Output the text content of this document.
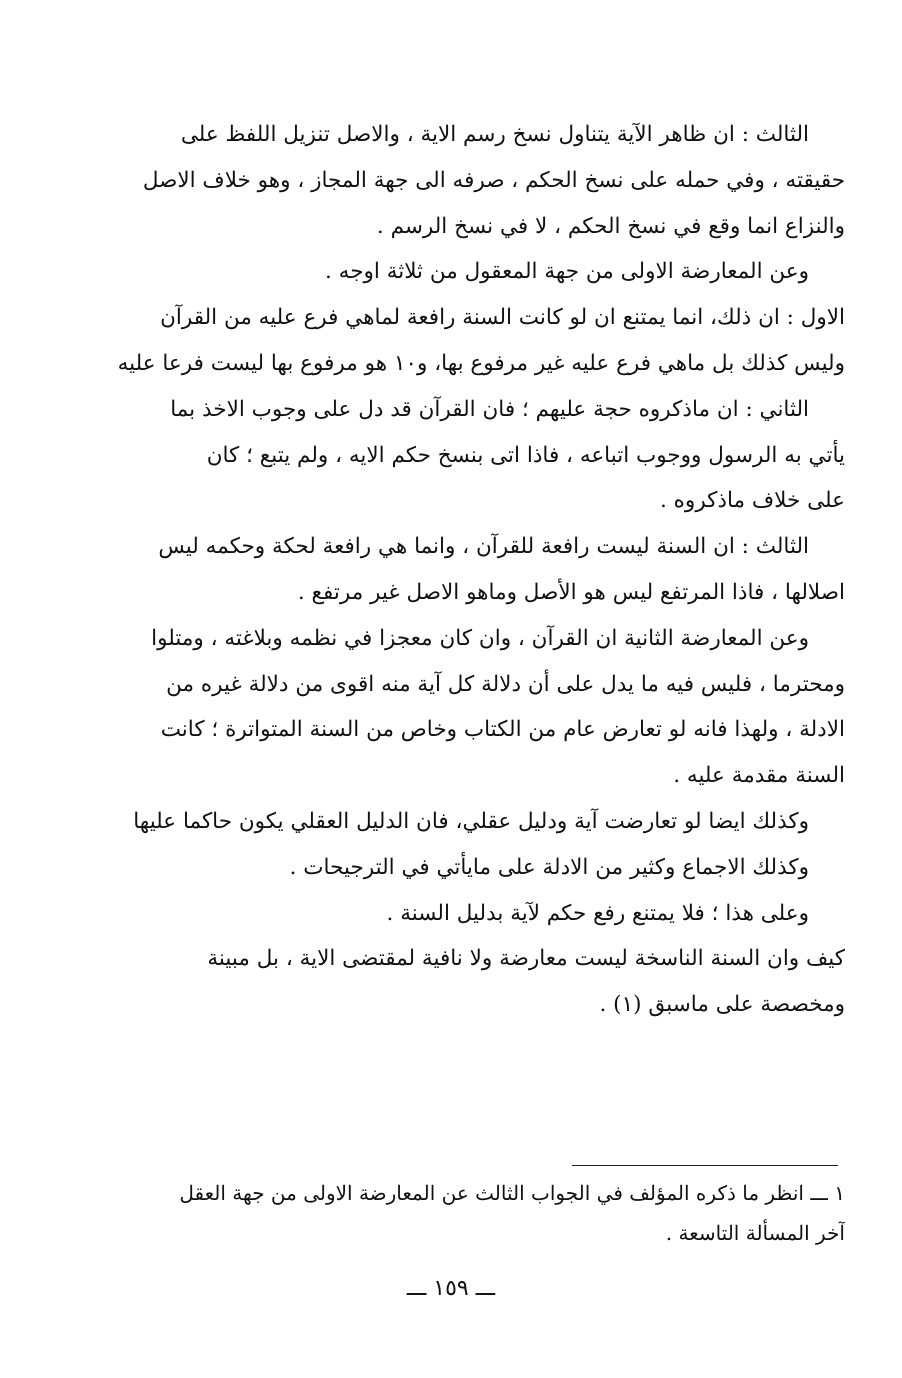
الثالث : ان ظاهر الآية يتناول نسخ رسم الاية ، والاصل تنزيل اللفظ على
حقيقته ، وفي حمله على نسخ الحكم ، صرفه الى جهة المجاز ، وهو خلاف الاصل
والنزاع انما وقع في نسخ الحكم ، لا في نسخ الرسم .
وعن المعارضة الاولى من جهة المعقول من ثلاثة اوجه .
الاول : ان ذلك، انما يمتنع ان لو كانت السنة رافعة لماهي فرع عليه من القرآن
وليس كذلك بل ماهي فرع عليه غير مرفوع بها، و١٠ هو مرفوع بها ليست فرعا عليه
الثاني : ان ماذكروه حجة عليهم ؛ فان القرآن قد دل على وجوب الاخذ بما
يأتي به الرسول ووجوب اتباعه ، فاذا اتى بنسخ حكم الايه ، ولم يتبع ؛ كان
على خلاف ماذكروه .
الثالث : ان السنة ليست رافعة للقرآن ، وانما هي رافعة لحكة وحكمه ليس
اصلالها ، فاذا المرتفع ليس هو الأصل وماهو الاصل غير مرتفع .
وعن المعارضة الثانية ان القرآن ، وان كان معجزا في نظمه وبلاغته ، ومتلوا
ومحترما ، فليس فيه ما يدل على أن دلالة كل آية منه اقوى من دلالة غيره من
الادلة ، ولهذا فانه لو تعارض عام من الكتاب وخاص من السنة المتواترة ؛ كانت
السنة مقدمة عليه .
وكذلك ايضا لو تعارضت آية ودليل عقلي، فان الدليل العقلي يكون حاكما عليها
وكذلك الاجماع وكثير من الادلة على مايأتي في الترجيحات .
وعلى هذا ؛ فلا يمتنع رفع حكم لآية بدليل السنة .
كيف وان السنة الناسخة ليست معارضة ولا نافية لمقتضى الاية ، بل مبينة
ومخصصة على ماسبق (١) .
١ ـــ انظر ما ذكره المؤلف في الجواب الثالث عن المعارضة الاولى من جهة العقل
آخر المسألة التاسعة .
ـــ ١٥٩ ـــ
